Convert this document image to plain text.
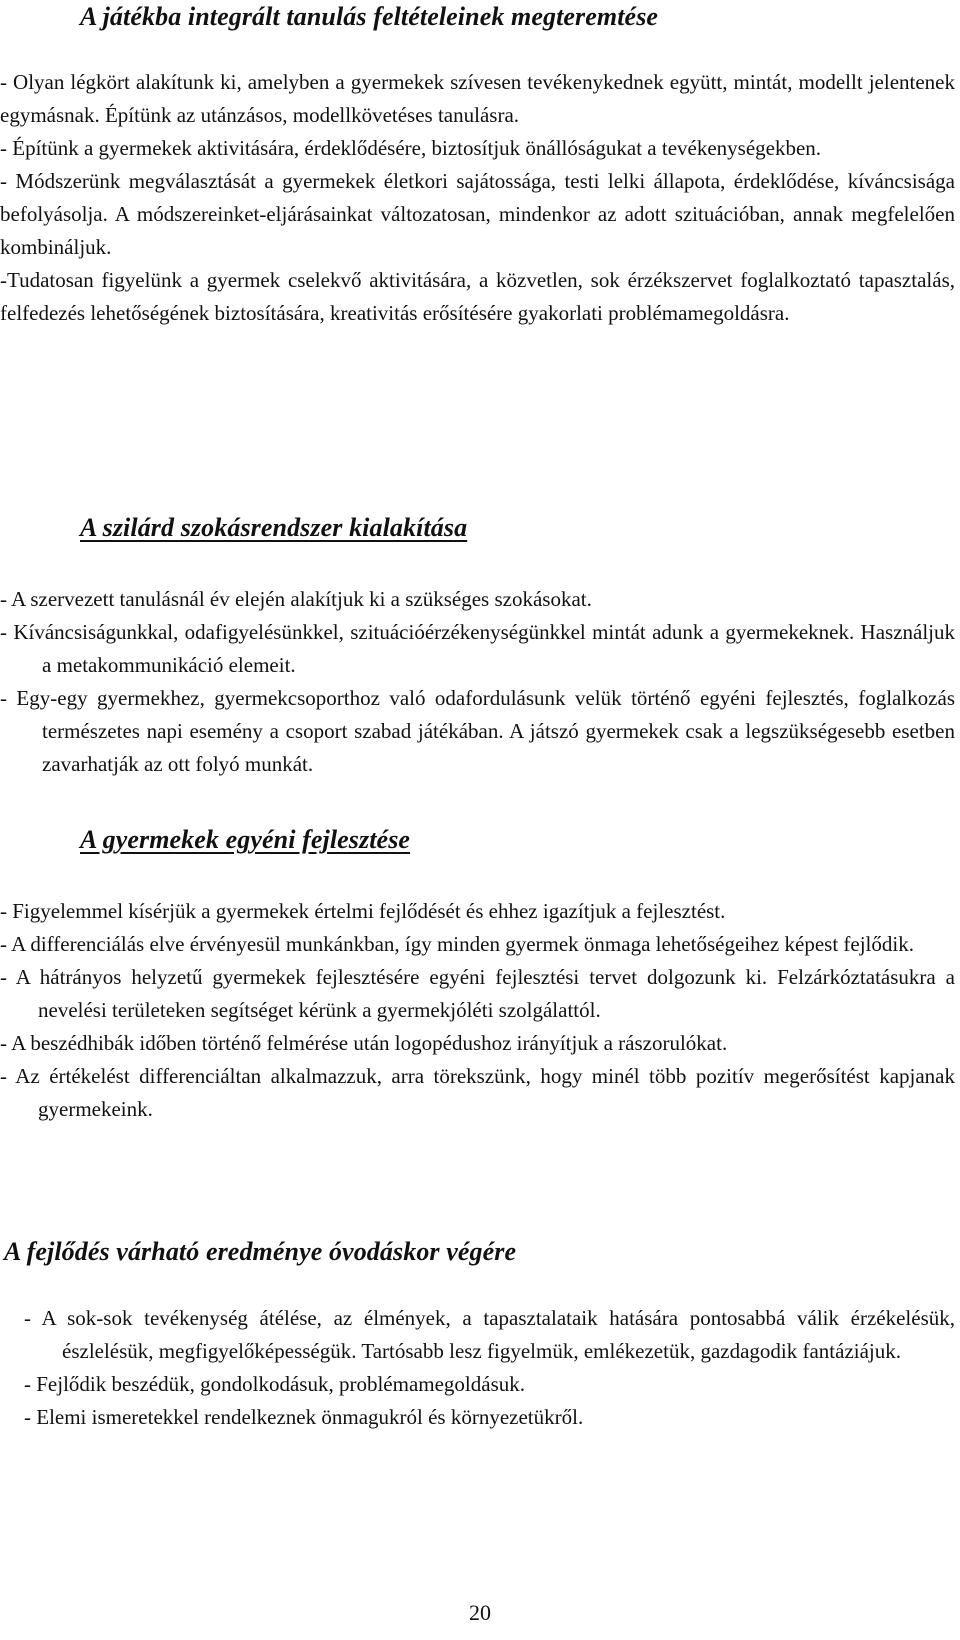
A játékba integrált tanulás feltételeinek megteremtése

- Olyan légkört alakítunk ki, amelyben a gyermekek szívesen tevékenykednek együtt, mintát, modellt jelentenek egymásnak. Építünk az utánzásos, modellkövetéses tanulásra.

- Építünk a gyermekek aktivitására, érdeklődésére, biztosítjuk önállóságukat a tevékenységekben.

- Módszerünk megválasztását a gyermekek életkori sajátossága, testi lelki állapota, érdeklődése, kíváncsisága befolyásolja. A módszereinket-eljárásainkat változatosan, mindenkor az adott szituációban, annak megfelelően kombináljuk.

-Tudatosan figyelünk a gyermek cselekvő aktivitására, a közvetlen, sok érzékszervet foglalkoztató tapasztalás, felfedezés lehetőségének biztosítására, kreativitás erősítésére gyakorlati problémamegoldásra.

A szilárd szokásrendszer kialakítása

- A szervezett tanulásnál év elején alakítjuk ki a szükséges szokásokat.

- Kíváncsiságunkkal, odafigyelésünkkel, szituációérzékenységünkkel mintát adunk a gyermekeknek. Használjuk a metakommunikáció elemeit.

- Egy-egy gyermekhez, gyermekcsoporthoz való odafordulásunk velük történő egyéni fejlesztés, foglalkozás természetes napi esemény a csoport szabad játékában. A játszó gyermekek csak a legszükségesebb esetben zavarhatják az ott folyó munkát.

A gyermekek egyéni fejlesztése

- Figyelemmel kísérjük a gyermekek értelmi fejlődését és ehhez igazítjuk a fejlesztést.

- A differenciálás elve érvényesül munkánkban, így minden gyermek önmaga lehetőségeihez képest fejlődik.

- A hátrányos helyzetű gyermekek fejlesztésére egyéni fejlesztési tervet dolgozunk ki. Felzárkóztatásukra a nevelési területeken segítséget kérünk a gyermekjóléti szolgálattól.

- A beszédhibák időben történő felmérése után logopédushoz irányítjuk a rászorulókat.

- Az értékelést differenciáltan alkalmazzuk, arra törekszünk, hogy minél több pozitív megerősítést kapjanak gyermekeink.

A fejlődés várható eredménye óvodáskor végére

- A sok-sok tevékenység átélése, az élmények, a tapasztalataik hatására pontosabbá válik érzékelésük, észlelésük, megfigyelőképességük. Tartósabb lesz figyelmük, emlékezetük, gazdagodik fantáziájuk.

- Fejlődik beszédük, gondolkodásuk, problémamegoldásuk.

- Elemi ismeretekkel rendelkeznek önmagukról és környezetükről.

20
